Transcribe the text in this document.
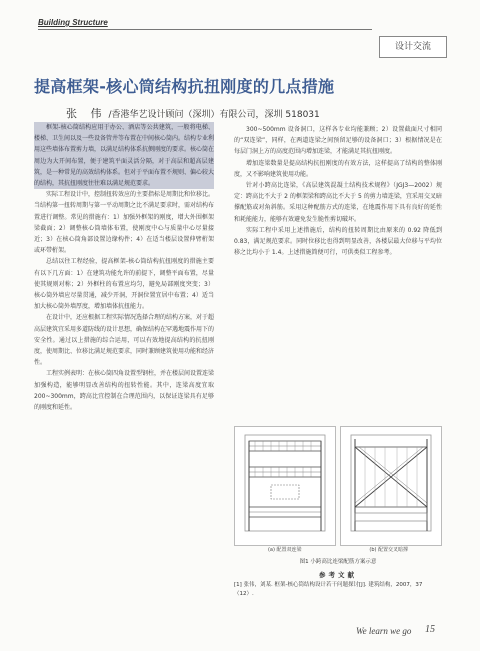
Building Structure
设计交流
提高框架-核心筒结构抗扭刚度的几点措施
张 伟 /香港华艺设计顾问（深圳）有限公司，深圳 518031

框架-核心筒结构应用于办公、酒店等公共建筑，一般将电梯、楼梯、卫生间以及一些设备管井等布置在中间核心筒内。结构专业利用这些墙体布置剪力墙，以满足结构体系抗侧刚度的要求。核心筒在周边为大开间布置，便于建筑平面灵活分隔，对于高层和超高层建筑，是一种常见的高效结构体系。但对于平面布置不规则、偏心较大的结构，其抗扭刚度往往难以满足规范要求。

实际工程设计中，控制扭转效应的主要指标是周期比和位移比。当结构第一扭转周期与第一平动周期之比不满足要求时，需对结构布置进行调整。常见的措施有：1）加强外框架的刚度，增大外围框架梁截面；2）调整核心筒墙体布置，使刚度中心与质量中心尽量接近；3）在核心筒角部设置边缘构件；4）在适当楼层设置伸臂桁架或环带桁架。

总结以往工程经验，提高框架-核心筒结构抗扭刚度的措施主要有以下几方面：1）在建筑功能允许的前提下，调整平面布置，尽量使其规则对称；2）外框柱的布置应均匀，避免局部刚度突变；3）核心筒外墙应尽量贯通，减少开洞，开洞位置宜居中布置；4）适当加大核心筒外墙厚度，增加墙体抗扭能力。

在设计中，还应根据工程实际情况选择合理的结构方案，对于超高层建筑宜采用多道防线的设计思想，确保结构在罕遇地震作用下的安全性。通过以上措施的综合运用，可以有效地提高结构的抗扭刚度，使周期比、位移比满足规范要求，同时兼顾建筑使用功能和经济性。

工程实例表明：在核心筒四角设置型钢柱，并在楼层间设置连梁加强构造，能够明显改善结构的扭转性能。其中，连梁高度宜取 200~300mm，跨高比宜控制在合理范围内，以保证连梁具有足够的刚度和延性。

300~500mm 设备洞口，这样各专业均能兼顾；2）设置截面尺寸相同的“双连梁”，同样，在两道连梁之间预留足够的设备洞口；3）根据情况是在每层门洞上方的高度范围内增加连梁，才能满足其抗扭刚度。

增加连梁数量是提高结构抗扭刚度的有效方法，这样提高了结构的整体刚度，又不影响建筑使用功能。

针对小跨高比连梁，《高层建筑混凝土结构技术规程》（JGJ3—2002）规定：跨高比不大于 2 的框架梁和跨高比不大于 5 的剪力墙连梁，宜采用交叉暗撑配筋或对角斜筋。采用这种配筋方式的连梁，在地震作用下具有良好的延性和耗能能力，能够有效避免发生脆性剪切破坏。

实际工程中采用上述措施后，结构的扭转周期比由原来的 0.92 降低到 0.83，满足规范要求。同时位移比也得到明显改善，各楼层最大位移与平均位移之比均小于 1.4。上述措施简便可行，可供类似工程参考。

(a) 配置双连梁	(b) 配置交叉暗撑
图1 小跨高比连梁配筋方案示意
参考文献
[1] 张伟，刘某. 框架-核心筒结构设计若干问题探讨[J]. 建筑结构，2007，37（12）.
We learn we go 15
